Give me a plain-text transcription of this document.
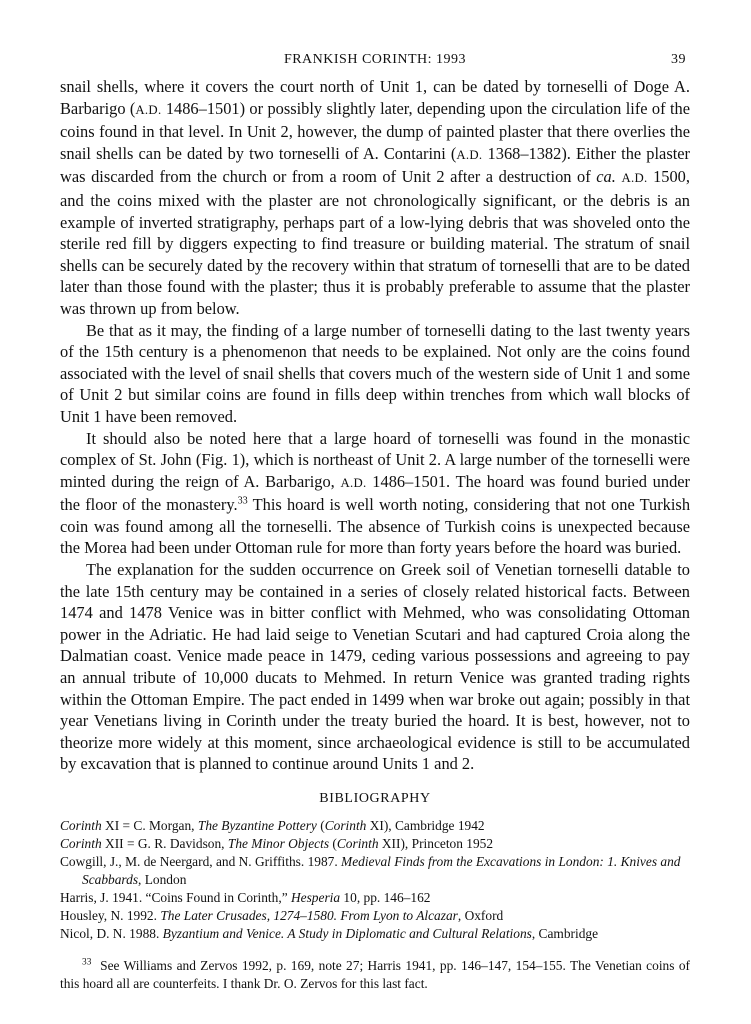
FRANKISH CORINTH: 1993	39

snail shells, where it covers the court north of Unit 1, can be dated by torneselli of Doge A. Barbarigo (A.D. 1486–1501) or possibly slightly later, depending upon the circulation life of the coins found in that level. In Unit 2, however, the dump of painted plaster that there overlies the snail shells can be dated by two torneselli of A. Contarini (A.D. 1368–1382). Either the plaster was discarded from the church or from a room of Unit 2 after a destruction of ca. A.D. 1500, and the coins mixed with the plaster are not chronologically significant, or the debris is an example of inverted stratigraphy, perhaps part of a low-lying debris that was shoveled onto the sterile red fill by diggers expecting to find treasure or building material. The stratum of snail shells can be securely dated by the recovery within that stratum of torneselli that are to be dated later than those found with the plaster; thus it is probably preferable to assume that the plaster was thrown up from below.

Be that as it may, the finding of a large number of torneselli dating to the last twenty years of the 15th century is a phenomenon that needs to be explained. Not only are the coins found associated with the level of snail shells that covers much of the western side of Unit 1 and some of Unit 2 but similar coins are found in fills deep within trenches from which wall blocks of Unit 1 have been removed.

It should also be noted here that a large hoard of torneselli was found in the monastic complex of St. John (Fig. 1), which is northeast of Unit 2. A large number of the torneselli were minted during the reign of A. Barbarigo, A.D. 1486–1501. The hoard was found buried under the floor of the monastery.$^{33}$ This hoard is well worth noting, considering that not one Turkish coin was found among all the torneselli. The absence of Turkish coins is unexpected because the Morea had been under Ottoman rule for more than forty years before the hoard was buried.

The explanation for the sudden occurrence on Greek soil of Venetian torneselli datable to the late 15th century may be contained in a series of closely related historical facts. Between 1474 and 1478 Venice was in bitter conflict with Mehmed, who was consolidating Ottoman power in the Adriatic. He had laid seige to Venetian Scutari and had captured Croia along the Dalmatian coast. Venice made peace in 1479, ceding various possessions and agreeing to pay an annual tribute of 10,000 ducats to Mehmed. In return Venice was granted trading rights within the Ottoman Empire. The pact ended in 1499 when war broke out again; possibly in that year Venetians living in Corinth under the treaty buried the hoard. It is best, however, not to theorize more widely at this moment, since archaeological evidence is still to be accumulated by excavation that is planned to continue around Units 1 and 2.

BIBLIOGRAPHY
Corinth XI = C. Morgan, The Byzantine Pottery (Corinth XI), Cambridge 1942
Corinth XII = G. R. Davidson, The Minor Objects (Corinth XII), Princeton 1952
Cowgill, J., M. de Neergard, and N. Griffiths. 1987. Medieval Finds from the Excavations in London: 1. Knives and Scabbards, London
Harris, J. 1941. “Coins Found in Corinth,” Hesperia 10, pp. 146–162
Housley, N. 1992. The Later Crusades, 1274–1580. From Lyon to Alcazar, Oxford
Nicol, D. N. 1988. Byzantium and Venice. A Study in Diplomatic and Cultural Relations, Cambridge
$^{33}$ See Williams and Zervos 1992, p. 169, note 27; Harris 1941, pp. 146–147, 154–155. The Venetian coins of this hoard all are counterfeits. I thank Dr. O. Zervos for this last fact.
